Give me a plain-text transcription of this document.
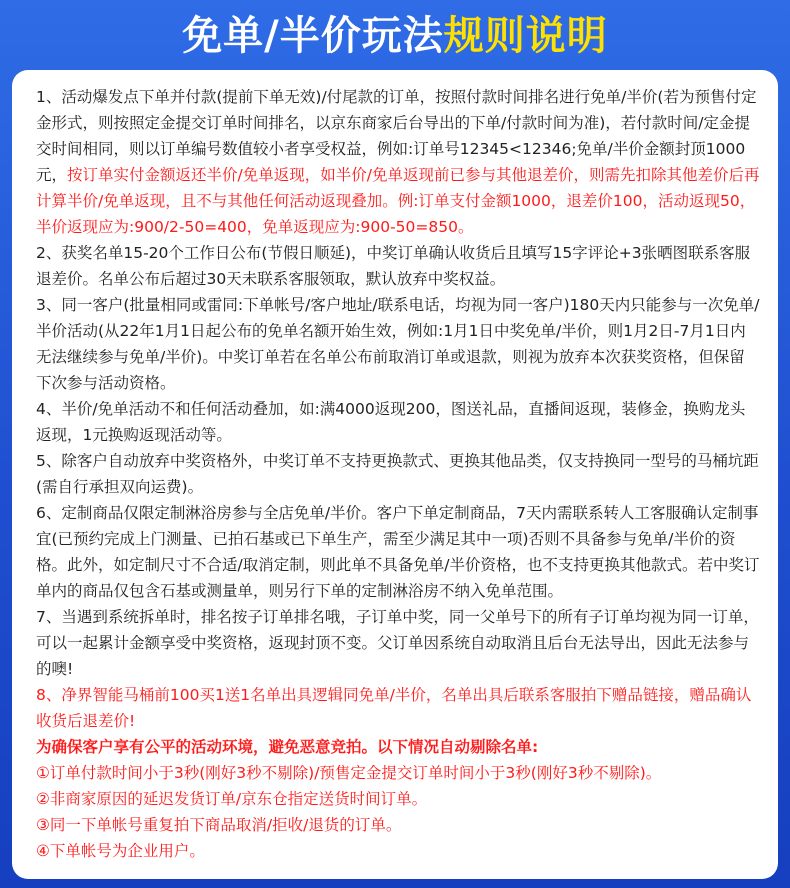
免单/半价玩法规则说明

1、活动爆发点下单并付款(提前下单无效)/付尾款的订单，按照付款时间排名进行免单/半价(若为预售付定金形式，则按照定金提交订单时间排名，以京东商家后台导出的下单/付款时间为准)，若付款时间/定金提交时间相同，则以订单编号数值较小者享受权益，例如:订单号12345<12346;免单/半价金额封顶1000元，按订单实付金额返还半价/免单返现，如半价/免单返现前已参与其他退差价，则需先扣除其他差价后再计算半价/免单返现，且不与其他任何活动返现叠加。例:订单支付金额1000，退差价100，活动返现50，半价返现应为:900/2-50=400，免单返现应为:900-50=850。

2、获奖名单15-20个工作日公布(节假日顺延)，中奖订单确认收货后且填写15字评论+3张晒图联系客服退差价。名单公布后超过30天未联系客服领取，默认放弃中奖权益。

3、同一客户(批量相同或雷同:下单帐号/客户地址/联系电话，均视为同一客户)180天内只能参与一次免单/半价活动(从22年1月1日起公布的免单名额开始生效，例如:1月1日中奖免单/半价，则1月2日-7月1日内无法继续参与免单/半价)。中奖订单若在名单公布前取消订单或退款，则视为放弃本次获奖资格，但保留下次参与活动资格。

4、半价/免单活动不和任何活动叠加，如:满4000返现200，图送礼品，直播间返现，装修金，换购龙头返现，1元换购返现活动等。

5、除客户自动放弃中奖资格外，中奖订单不支持更换款式、更换其他品类，仅支持换同一型号的马桶坑距(需自行承担双向运费)。

6、定制商品仅限定制淋浴房参与全店免单/半价。客户下单定制商品，7天内需联系转人工客服确认定制事宜(已预约完成上门测量、已拍石基或已下单生产，需至少满足其中一项)否则不具备参与免单/半价的资格。此外，如定制尺寸不合适/取消定制，则此单不具备免单/半价资格，也不支持更换其他款式。若中奖订单内的商品仅包含石基或测量单，则另行下单的定制淋浴房不纳入免单范围。

7、当遇到系统拆单时，排名按子订单排名哦，子订单中奖，同一父单号下的所有子订单均视为同一订单，可以一起累计金额享受中奖资格，返现封顶不变。父订单因系统自动取消且后台无法导出，因此无法参与的噢!

8、净界智能马桶前100买1送1名单出具逻辑同免单/半价，名单出具后联系客服拍下赠品链接，赠品确认收货后退差价!

为确保客户享有公平的活动环境，避免恶意竞拍。以下情况自动剔除名单:

①订单付款时间小于3秒(刚好3秒不剔除)/预售定金提交订单时间小于3秒(刚好3秒不剔除)。

②非商家原因的延迟发货订单/京东仓指定送货时间订单。

③同一下单帐号重复拍下商品取消/拒收/退货的订单。

④下单帐号为企业用户。
